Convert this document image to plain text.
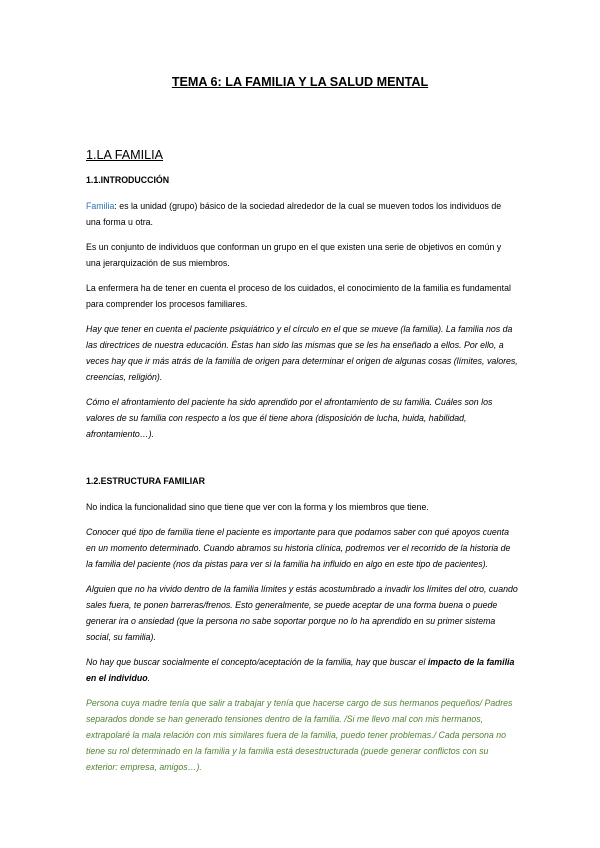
TEMA 6: LA FAMILIA Y LA SALUD MENTAL
1.LA FAMILIA
1.1.INTRODUCCIÓN

Familia: es la unidad (grupo) básico de la sociedad alrededor de la cual se mueven todos los individuos de una forma u otra.

Es un conjunto de individuos que conforman un grupo en el que existen una serie de objetivos en común y una jerarquización de sus miembros.

La enfermera ha de tener en cuenta el proceso de los cuidados, el conocimiento de la familia es fundamental para comprender los procesos familiares.

Hay que tener en cuenta el paciente psiquiátrico y el círculo en el que se mueve (la familia). La familia nos da las directrices de nuestra educación. Éstas han sido las mismas que se les ha enseñado a ellos. Por ello, a veces hay que ir más atrás de la familia de origen para determinar el origen de algunas cosas (límites, valores, creencias, religión).

Cómo el afrontamiento del paciente ha sido aprendido por el afrontamiento de su familia. Cuáles son los valores de su familia con respecto a los que él tiene ahora (disposición de lucha, huida, habilidad, afrontamiento…).

1.2.ESTRUCTURA FAMILIAR

No indica la funcionalidad sino que tiene que ver con la forma y los miembros que tiene.

Conocer qué tipo de familia tiene el paciente es importante para que podamos saber con qué apoyos cuenta en un momento determinado. Cuando abramos su historia clínica, podremos ver el recorrido de la historia de la familia del paciente (nos da pistas para ver si la familia ha influido en algo en este tipo de pacientes).

Alguien que no ha vivido dentro de la familia límites y estás acostumbrado a invadir los límites del otro, cuando sales fuera, te ponen barreras/frenos. Esto generalmente, se puede aceptar de una forma buena o puede generar ira o ansiedad (que la persona no sabe soportar porque no lo ha aprendido en su primer sistema social, su familia).

No hay que buscar socialmente el concepto/aceptación de la familia, hay que buscar el impacto de la familia en el individuo.

Persona cuya madre tenía que salir a trabajar y tenía que hacerse cargo de sus hermanos pequeños/ Padres separados donde se han generado tensiones dentro de la familia. /Si me llevo mal con mis hermanos, extrapolaré la mala relación con mis similares fuera de la familia, puedo tener problemas./ Cada persona no tiene su rol determinado en la familia y la familia está desestructurada (puede generar conflictos con su exterior: empresa, amigos…).
